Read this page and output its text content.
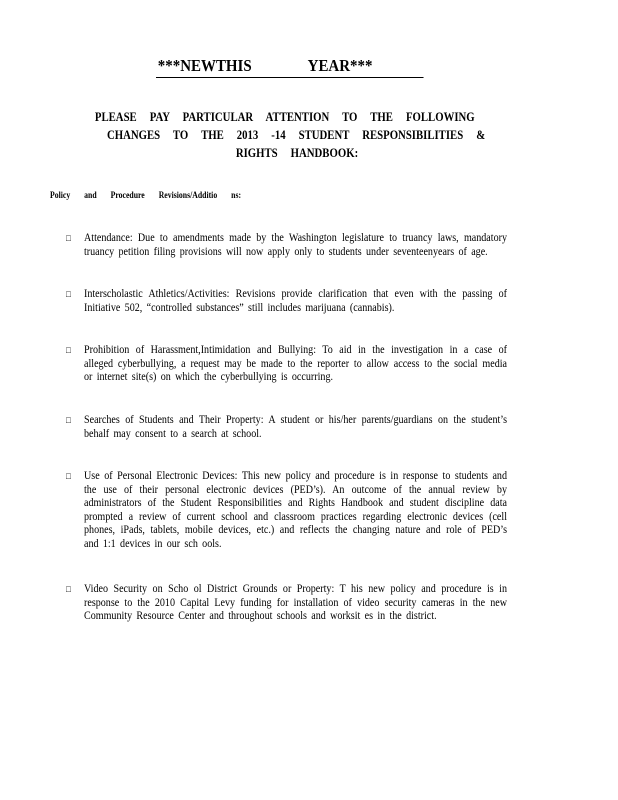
***NEWTHIS	YEAR***
PLEASE PAY PARTICULAR ATTENTION TO THE FOLLOWING
CHANGES TO THE 2013 -14 STUDENT RESPONSIBILITIES &
RIGHTS HANDBOOK:
Policy and Procedure Revisions/Additio ns:
□
Attendance: Due to amendments made by the Washington legislature to truancy laws, mandatory truancy petition filing provisions will now apply only to students under seventeenyears of age.
□
Interscholastic Athletics/Activities: Revisions provide clarification that even with the passing of Initiative 502, “controlled substances” still includes marijuana (cannabis).
□
Prohibition of Harassment,Intimidation and Bullying: To aid in the investigation in a case of alleged cyberbullying, a request may be made to the reporter to allow access to the social media or internet site(s) on which the cyberbullying is occurring.
□
Searches of Students and Their Property: A student or his/her parents/guardians on the student’s behalf may consent to a search at school.
□
Use of Personal Electronic Devices: This new policy and procedure is in response to students and the use of their personal electronic devices (PED’s). An outcome of the annual review by administrators of the Student Responsibilities and Rights Handbook and student discipline data prompted a review of current school and classroom practices regarding electronic devices (cell phones, iPads, tablets, mobile devices, etc.) and reflects the changing nature and role of PED’s and 1:1 devices in our sch ools.
□
Video Security on Scho ol District Grounds or Property: T his new policy and procedure is in response to the 2010 Capital Levy funding for installation of video security cameras in the new Community Resource Center and throughout schools and worksit es in the district.
